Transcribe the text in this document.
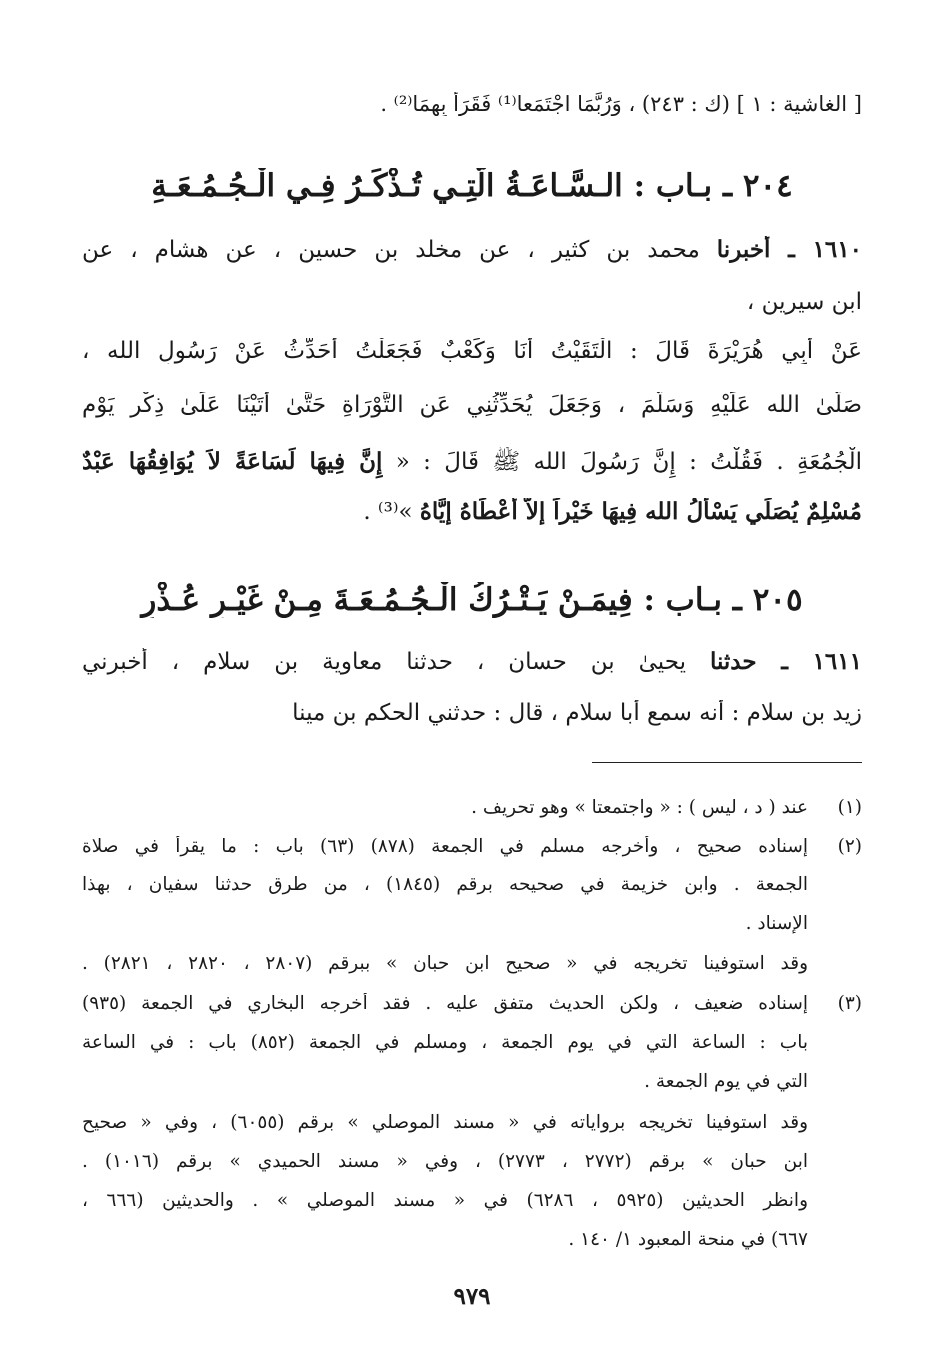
[ الغاشية : ١ ] (ك : ٢٤٣) ، وَرُبَّمَا اجْتَمَعا⁽¹⁾ فَقَرَأَ بِهِمَا⁽²⁾ .
٢٠٤ ـ بـاب : الـسَّـاعَـةُ الَّتِـي تُـذْكَـرُ فِـي الْـجُـمُـعَـةِ
١٦١٠ ـ أخبرنا محمد بن كثير ، عن مخلد بن حسين ، عن هشام ، عن
ابن سيرين ،
عَنْ أَبِي هُرَيْرَةَ قَالَ : الْتَقَيْتُ أَنَا وَكَعْبٌ فَجَعَلْتُ أُحَدِّثُ عَنْ رَسُولِ الله ،
صَلَّىٰ الله عَلَيْهِ وَسَلَّمَ ، وَجَعَلَ يُحَدِّثُنِي عَنِ التَّوْرَاةِ حَتَّىٰ أَتَيْنَا عَلَىٰ ذِكْرِ يَوْمِ
الْجُمُعَةِ . فَقُلْتُ : إِنَّ رَسُولَ الله ﷺ قَالَ : « إِنَّ فِيهَا لَسَاعَةً لاَ يُوَافِقُهَا عَبْدٌ
مُسْلِمٌ يُصَلِّي يَسْأَلُ الله فِيهَا خَيْراً إِلاَّ أَعْطَاهُ إِيَّاهُ »⁽³⁾ .
٢٠٥ ـ بـاب : فِيمَـنْ يَـتْـرُكُ الْـجُـمُـعَـةَ مِـنْ غَيْـرِ عُـذْرٍ
١٦١١ ـ حدثنا يحيىٰ بن حسان ، حدثنا معاوية بن سلام ، أخبرني
زيد بن سلام : أنه سمع أبا سلام ، قال : حدثني الحكم بن مينا
(١)
عند ( د ، ليس ) : « واجتمعتا » وهو تحريف .
(٢)
إسناده صحيح ، وأخرجه مسلم في الجمعة (٨٧٨) (٦٣) باب : ما يقرأ في صلاة
الجمعة . وابن خزيمة في صحيحه برقم (١٨٤٥) ، من طرق حدثنا سفيان ، بهذا
الإسناد .
وقد استوفينا تخريجه في « صحيح ابن حبان » ببرقم (٢٨٠٧ ، ٢٨٢٠ ، ٢٨٢١) .
(٣)
إسناده ضعيف ، ولكن الحديث متفق عليه . فقد أخرجه البخاري في الجمعة (٩٣٥)
باب : الساعة التي في يوم الجمعة ، ومسلم في الجمعة (٨٥٢) باب : في الساعة
التي في يوم الجمعة .
وقد استوفينا تخريجه برواياته في « مسند الموصلي » برقم (٦٠٥٥) ، وفي « صحيح
ابن حبان » برقم (٢٧٧٢ ، ٢٧٧٣) ، وفي « مسند الحميدي » برقم (١٠١٦) .
وانظر الحديثين (٥٩٢٥ ، ٦٢٨٦) في « مسند الموصلي » . والحديثين (٦٦٦ ،
٦٦٧) في منحة المعبود ١/ ١٤٠ .
٩٧٩
